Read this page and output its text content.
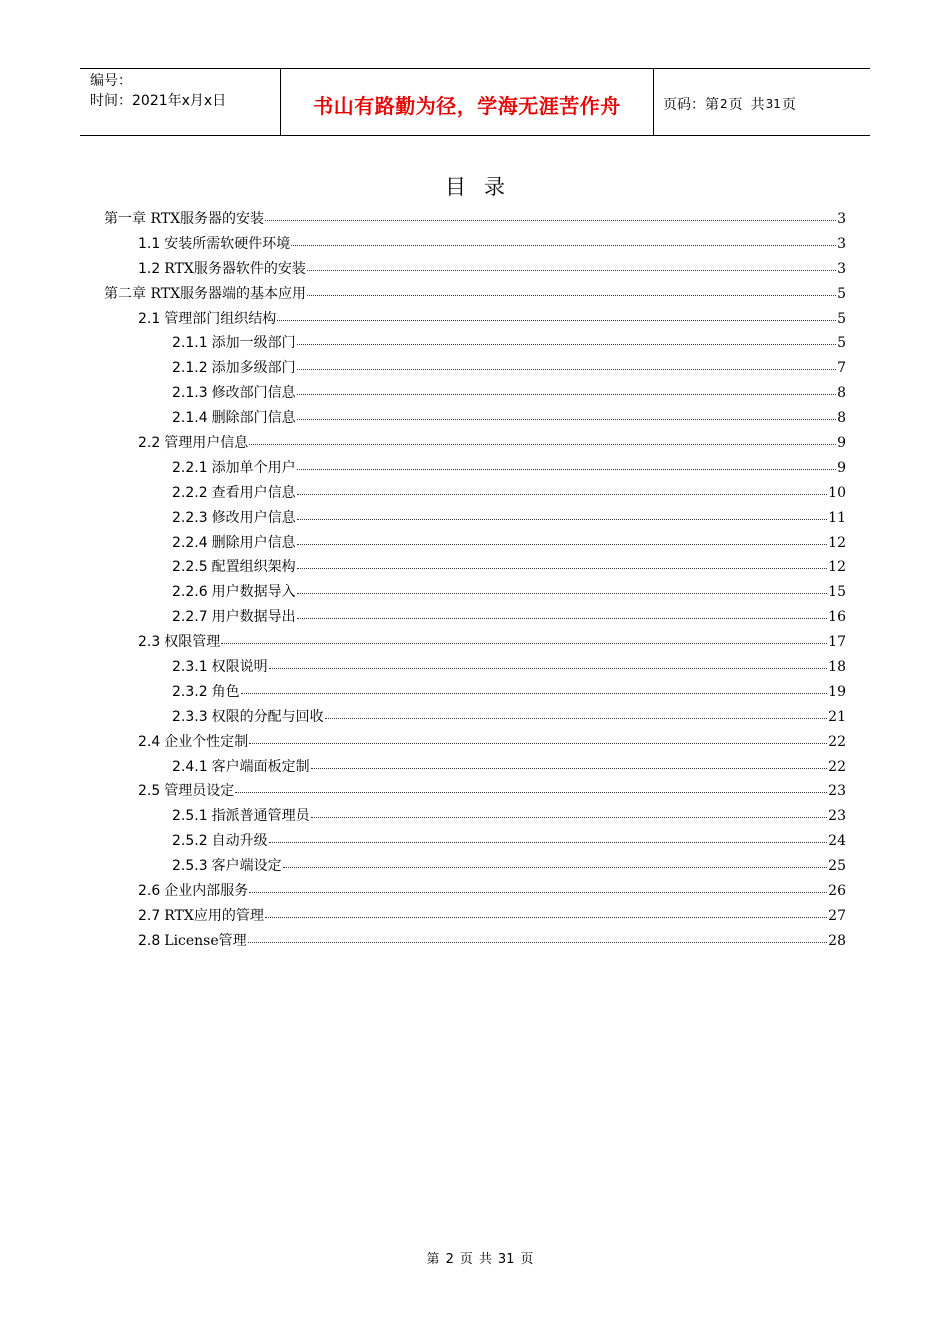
编号：
时间：2021年x月x日	书山有路勤为径，学海无涯苦作舟	页码：第 2 页 共 31 页
目录
第一章 RTX服务器的安装	3
1.1 安装所需软硬件环境	3
1.2 RTX服务器软件的安装	3
第二章 RTX服务器端的基本应用	5
2.1 管理部门组织结构	5
2.1.1 添加一级部门	5
2.1.2 添加多级部门	7
2.1.3 修改部门信息	8
2.1.4 删除部门信息	8
2.2 管理用户信息	9
2.2.1 添加单个用户	9
2.2.2 查看用户信息	10
2.2.3 修改用户信息	11
2.2.4 删除用户信息	12
2.2.5 配置组织架构	12
2.2.6 用户数据导入	15
2.2.7 用户数据导出	16
2.3 权限管理	17
2.3.1 权限说明	18
2.3.2 角色	19
2.3.3 权限的分配与回收	21
2.4 企业个性定制	22
2.4.1 客户端面板定制	22
2.5 管理员设定	23
2.5.1 指派普通管理员	23
2.5.2 自动升级	24
2.5.3 客户端设定	25
2.6 企业内部服务	26
2.7 RTX应用的管理	27
2.8 License管理	28
第 2 页 共 31 页
